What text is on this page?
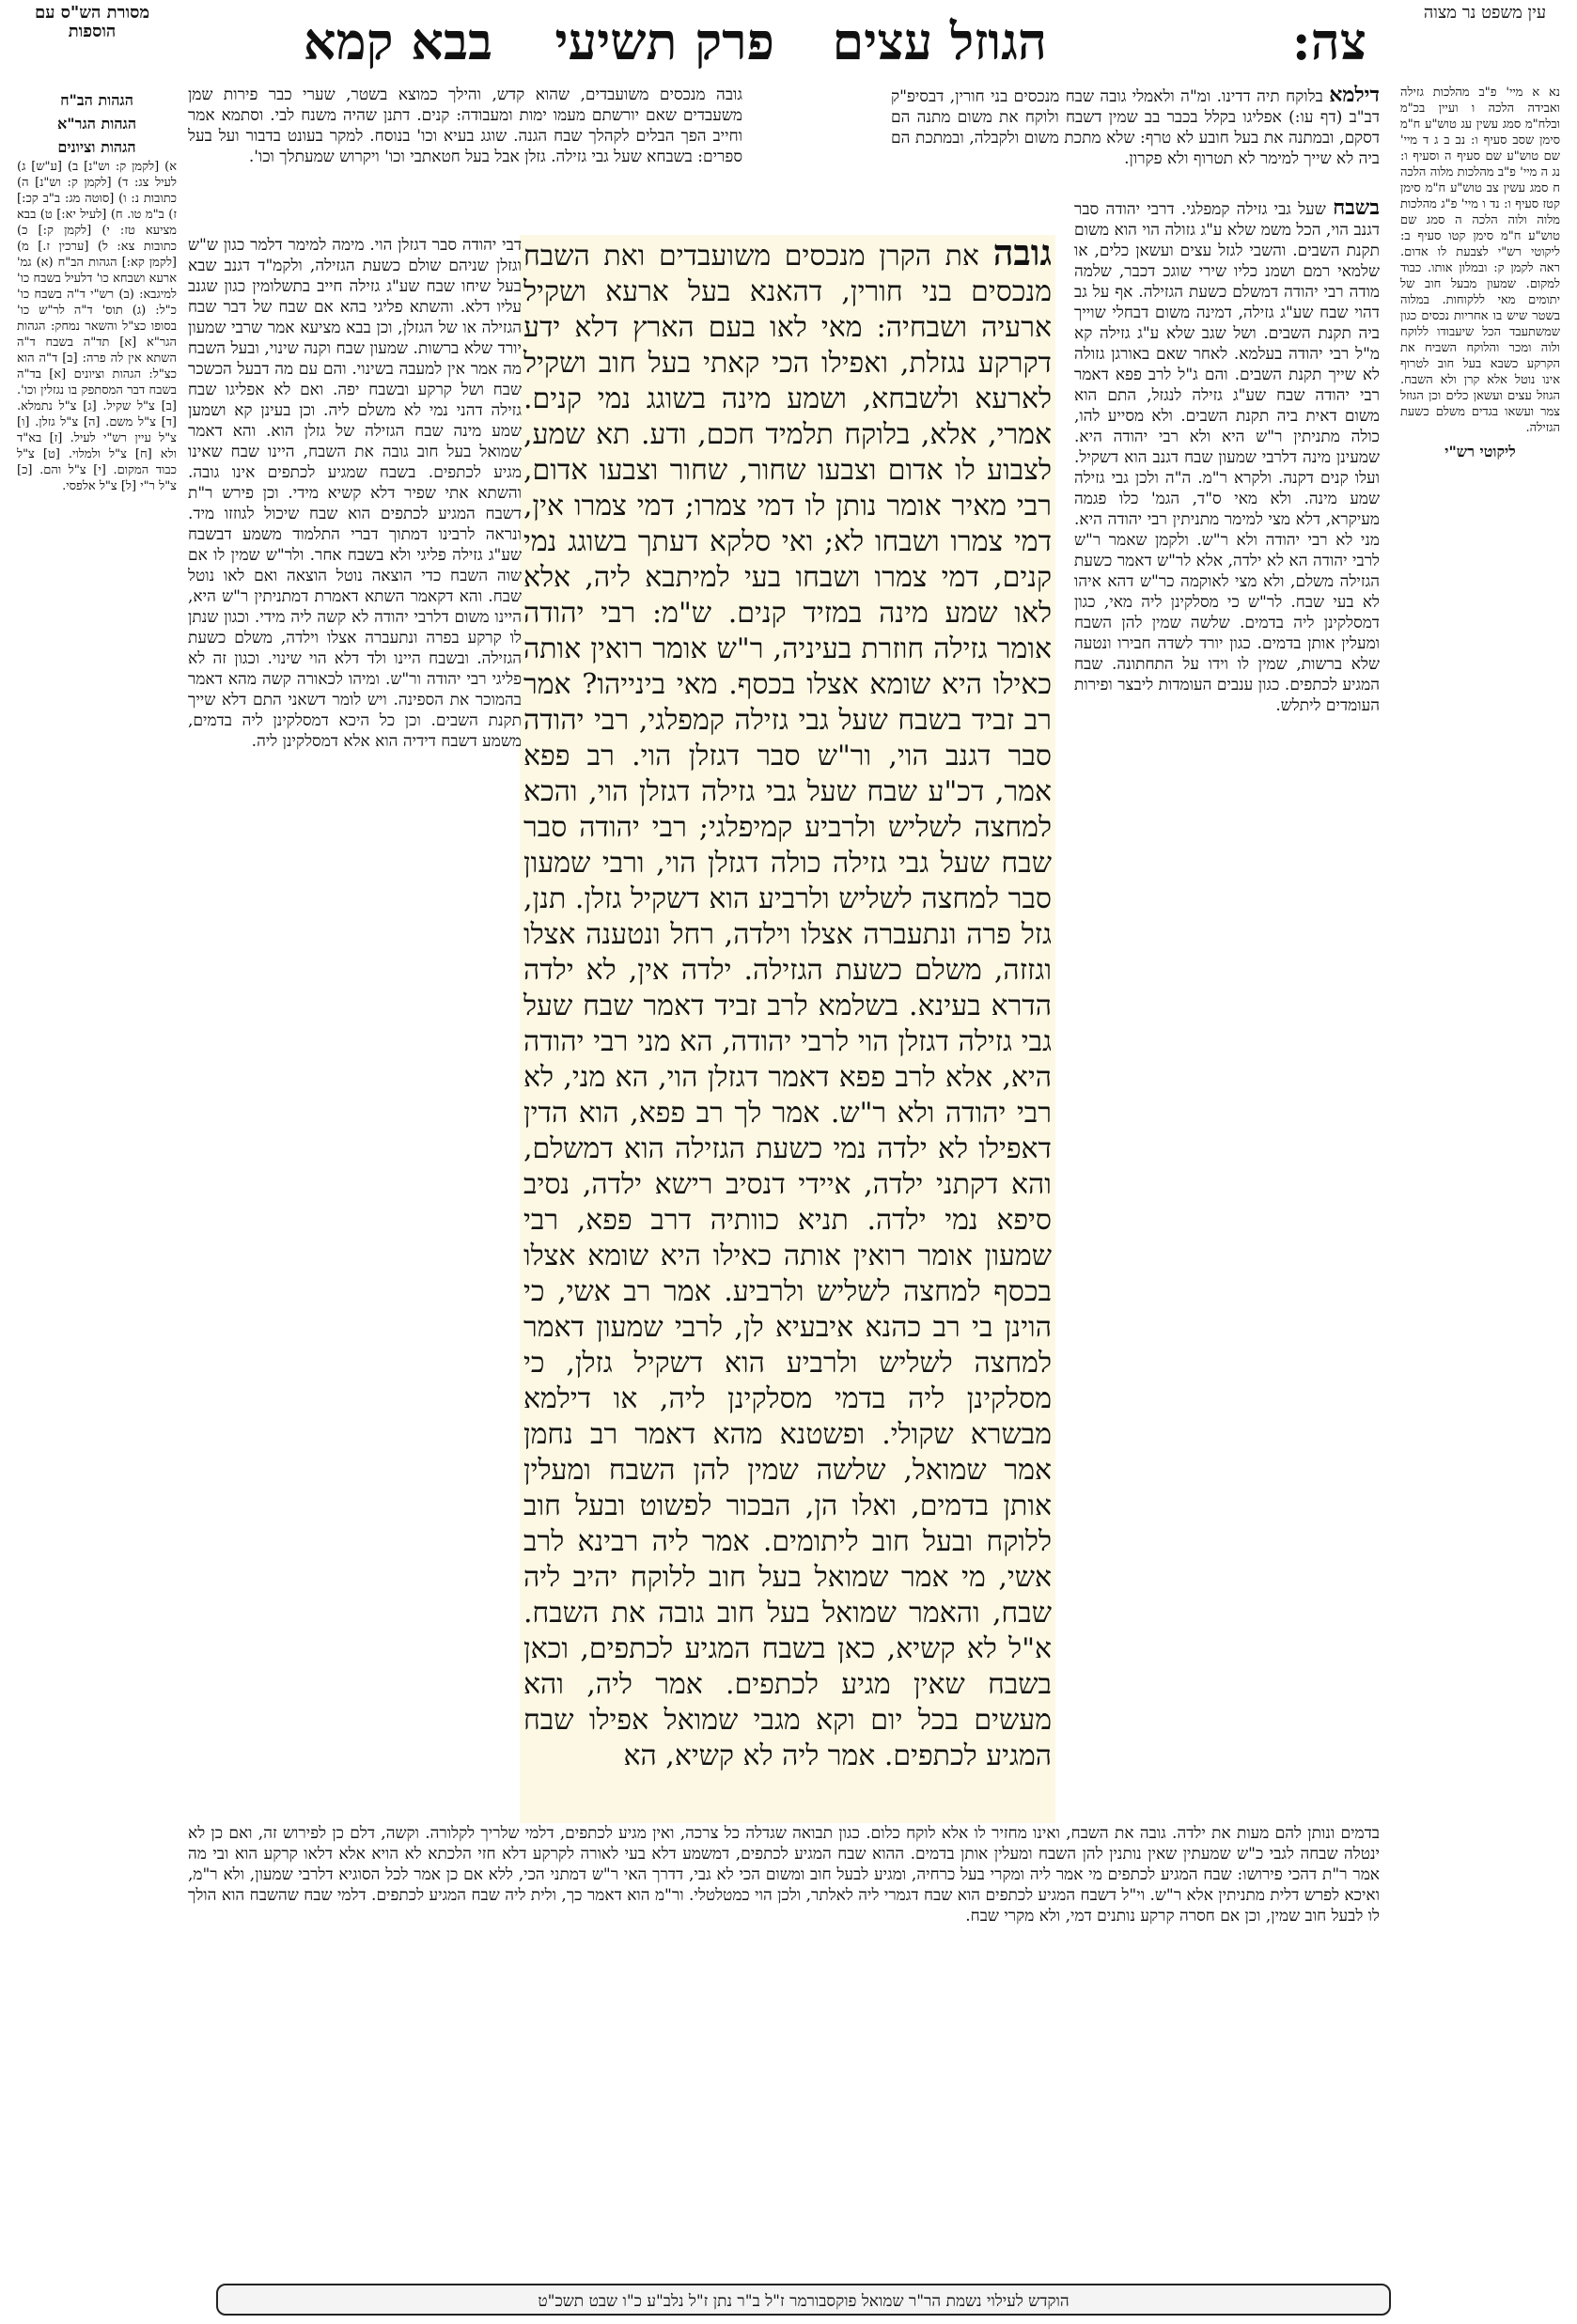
צה:
הגוזל עצים
פרק תשיעי
בבא קמא	עין משפט נר מצוה
מסורת הש"ס עם הוספות
נא א מיי' פ"ב מהלכות גזילה ואבידה הלכה ו ועיין בכ"מ ובלח"מ סמג עשין עג טוש"ע ח"מ סימן שסב סעיף ו: נב ב ג ד מיי' שם טוש"ע שם סעיף ה וסעיף ו: נג ה מיי' פ"ב מהלכות מלוה הלכה ח סמג עשין צב טוש"ע ח"מ סימן קטז סעיף ו: נד ו מיי' פ"ג מהלכות מלוה ולוה הלכה ה סמג שם טוש"ע ח"מ סימן קטו סעיף ב: ליקוטי רש"י לצבעת לו אדום. ראה לקמן ק: ובמלון אותו. כבוד למקום. שמעון מבעל חוב של יתומים מאי ללקוחות. במלוה בשטר שיש בו אחריות נכסים כגון שמשתעבד הכל שיעבודו ללוקח ולוה ומכר והלוקח השביח את הקרקע כשבא בעל חוב לטרוף אינו נוטל אלא קרן ולא השבח. הגוזל עצים ועשאן כלים וכן הגוזל צמר ועשאו בגדים משלם כשעת הגזילה.
ליקוטי רש"י
הגהות הב"ח
הגהות הגר"א
הגהות וציונים
א) [לקמן ק: וש"נ] ב) [ע"ש] ג) לעיל צג: ד) [לקמן ק: וש"נ] ה) כתובות נ: ו) [סוטה מג: ב"ב קכ:] ז) ב"מ טו. ח) [לעיל יא:] ט) בבא מציעא טז: י) [לקמן ק:] כ) כתובות צא: ל) [ערכין ז.] מ) [לקמן קא:] הגהות הב"ח (א) גמ' ארעא ושבחא כו' דלעיל בשבח כו' למיגבא: (ב) רש"י ד"ה בשבח כו' כ"ל: (ג) תוס' ד"ה לר"ש כו' בסופו כצ"ל והשאר נמחק: הגהות הגר"א [א] תד"ה בשבח ד"ה השתא אין לה פרה: [ב] ד"ה הוא כצ"ל: הגהות וציונים [א] בד"ה בשבח דבר המסתפק בו נגזלין וכו'. [ב] צ"ל שקיל. [ג] צ"ל נתמלא. [ד] צ"ל משם. [ה] צ"ל גזלן. [ו] צ"ל עיין רש"י לעיל. [ז] בא"ד ולא [ח] צ"ל ולמלוי. [ט] צ"ל כבוד המקום. [י] צ"ל והם. [כ] צ"ל ר"י [ל] צ"ל אלפסי.
דילמא בלוקח תיה דדינו. ומ"ה ולאמלי גובה שבח מנכסים בני חורין, דבסיפ"ק דב"ב (דף עו:) אפליגו בקלל בכבר בב שמין דשבח ולוקח את משום מתנה הם דסקם, ובמתנה את בעל חובע לא טרף: שלא מתכת משום ולקבלה, ובמתכת הם ביה לא שייך למימר לא תטרוף ולא פקרון.
גובה מנכסים משועבדים, שהוא קדש, והילך כמוצא בשטר, שערי כבר פירות שמן משעבדים שאם יורשתם מעמו ימות ומעבודה: קנים. דתנן שהיה משנח לבי. וסתמא אמר וחייב הפך הבלים לקהלך שבח הגנה. שוגג בעיא וכו' בנוסח. למקר בעונט בדבור ועל בעל ספרים: בשבחא שעל גבי גזילה. גזלן אבל בעל חטאתבי וכו' ויקרוש שמעתלך וכו'.
בשבח שעל גבי גזילה קמפלגי. דרבי יהודה סבר דגנב הוי, הכל משמ שלא ע"ג גזולה הוי הוא משום תקנת השבים. והשבי לגזל עצים ועשאן כלים, או שלמאי רמם ושמנ כליו שירי שוגכ דכבר, שלמה מודה רבי יהודה דמשלם כשעת הגזילה. אף על גב דהוי שבח שע"ג גזילה, דמינה משום דבחלי שוייך ביה תקנת השבים. ושל שגב שלא ע"ג גזילה קא מ"ל רבי יהודה בעלמא. לאחר שאם באורגן גזולה לא שייך תקנת השבים. והם ג"ל לרב פפא דאמר רבי יהודה שבח שע"ג גזילה לנגזל, התם הוא משום דאית ביה תקנת השבים. ולא מסייע להו, כולה מתניתין ר"ש היא ולא רבי יהודה היא. שמעינן מינה דלרבי שמעון שבח דגנב הוא דשקיל. ועלו קנים דקנה. ולקרא ר"מ. ה"ה ולכן גבי גזילה שמע מינה. ולא מאי ס"ד, הגמ' כלו פגמה מעיקרא, דלא מצי למימר מתניתין רבי יהודה היא. מני לא רבי יהודה ולא ר"ש. ולקמן שאמר ר"ש לרבי יהודה הא לא ילדה, אלא לר"ש דאמר כשעת הגזילה משלם, ולא מצי לאוקמה כר"ש דהא איהו לא בעי שבח. לר"ש כי מסלקינן ליה מאי, כגון דמסלקינן ליה בדמים. שלשה שמין להן השבח ומעלין אותן בדמים. כגון יורד לשדה חבירו ונטעה שלא ברשות, שמין לו וידו על התחתונה. שבח המגיע לכתפים. כגון ענבים העומדות ליבצר ופירות העומדים ליתלש.
גובה את הקרן מנכסים משועבדים ואת השבח מנכסים בני חורין, דהאנא בעל ארעא ושקיל ארעיה ושבחיה: מאי לאו בעם הארץ דלא ידע דקרקע נגזלת, ואפילו הכי קאתי בעל חוב ושקיל לארעא ולשבחא, ושמע מינה בשוגג נמי קנים. אמרי, אלא, בלוקח תלמיד חכם, ודע. תא שמע, לצבוע לו אדום וצבעו שחור, שחור וצבעו אדום, רבי מאיר אומר נותן לו דמי צמרו; דמי צמרו אין, דמי צמרו ושבחו לא; ואי סלקא דעתך בשוגג נמי קנים, דמי צמרו ושבחו בעי למיתבא ליה, אלא לאו שמע מינה במזיד קנים. ש"מ: רבי יהודה אומר גזילה חוזרת בעיניה, ר"ש אומר רואין אותה כאילו היא שומא אצלו בכסף. מאי בינייהו? אמר רב זביד בשבח שעל גבי גזילה קמפלגי, רבי יהודה סבר דגנב הוי, ור"ש סבר דגזלן הוי. רב פפא אמר, דכ"ע שבח שעל גבי גזילה דגזלן הוי, והכא למחצה לשליש ולרביע קמיפלגי; רבי יהודה סבר שבח שעל גבי גזילה כולה דגזלן הוי, ורבי שמעון סבר למחצה לשליש ולרביע הוא דשקיל גזלן. תנן, גזל פרה ונתעברה אצלו וילדה, רחל ונטענה אצלו וגזזה, משלם כשעת הגזילה. ילדה אין, לא ילדה הדרא בעינא. בשלמא לרב זביד דאמר שבח שעל גבי גזילה דגזלן הוי לרבי יהודה, הא מני רבי יהודה היא, אלא לרב פפא דאמר דגזלן הוי, הא מני, לא רבי יהודה ולא ר"ש. אמר לך רב פפא, הוא הדין דאפילו לא ילדה נמי כשעת הגזילה הוא דמשלם, והא דקתני ילדה, איידי דנסיב רישא ילדה, נסיב סיפא נמי ילדה. תניא כוותיה דרב פפא, רבי שמעון אומר רואין אותה כאילו היא שומא אצלו בכסף למחצה לשליש ולרביע. אמר רב אשי, כי הוינן בי רב כהנא איבעיא לן, לרבי שמעון דאמר למחצה לשליש ולרביע הוא דשקיל גזלן, כי מסלקינן ליה בדמי מסלקינן ליה, או דילמא מבשרא שקולי. ופשטנא מהא דאמר רב נחמן אמר שמואל, שלשה שמין להן השבח ומעלין אותן בדמים, ואלו הן, הבכור לפשוט ובעל חוב ללוקח ובעל חוב ליתומים. אמר ליה רבינא לרב אשי, מי אמר שמואל בעל חוב ללוקח יהיב ליה שבח, והאמר שמואל בעל חוב גובה את השבח. א"ל לא קשיא, כאן בשבח המגיע לכתפים, וכאן בשבח שאין מגיע לכתפים. אמר ליה, והא מעשים בכל יום וקא מגבי שמואל אפילו שבח המגיע לכתפים. אמר ליה לא קשיא, הא
דבי יהודה סבר דגזלן הוי. מימה למימר דלמר כגון ש"ש וגזלן שניהם שולם כשעת הגזילה, ולקמ"ד דגנב שבא בעל שיחו שבח שע"ג גזילה חייב בתשלומין כגון שגנב עליו דלא. והשתא פליגי בהא אם שבח של דבר שבח הגזילה או של הגזלן, וכן בבא מציעא אמר שרבי שמעון יורד שלא ברשות. שמעון שבח וקנה שינוי, ובעל השבח מה אמר אין למעבה בשינוי. והם עם מה דבעל הכשכר שבח ושל קרקע ובשבח יפה. ואם לא אפליגו שבח גזילה דהני נמי לא משלם ליה. וכן בעינן קא ושמען שמע מינה שבח הגזילה של גזלן הוא. והא דאמר שמואל בעל חוב גובה את השבח, היינו שבח שאינו מגיע לכתפים. בשבח שמגיע לכתפים אינו גובה. והשתא אתי שפיר דלא קשיא מידי. וכן פירש ר"ת דשבח המגיע לכתפים הוא שבח שיכול לגוזזו מיד. ונראה לרבינו דמתוך דברי התלמוד משמע דבשבח שע"ג גזילה פליגי ולא בשבח אחר. ולר"ש שמין לו אם שוה השבח כדי הוצאה נוטל הוצאה ואם לאו נוטל שבח. והא דקאמר השתא דאמרת דמתניתין ר"ש היא, היינו משום דלרבי יהודה לא קשה ליה מידי. וכגון שנתן לו קרקע בפרה ונתעברה אצלו וילדה, משלם כשעת הגזילה. ובשבח היינו ולד דלא הוי שינוי. וכגון זה לא פליגי רבי יהודה ור"ש. ומיהו לכאורה קשה מהא דאמר בהמוכר את הספינה. ויש לומר דשאני התם דלא שייך תקנת השבים. וכן כל היכא דמסלקינן ליה בדמים, משמע דשבח דידיה הוא אלא דמסלקינן ליה.
בדמים ונותן להם מעות את ילדה. גובה את השבח, ואינו מחזיר לו אלא לוקח כלום. כגון תבואה שגדלה כל צרכה, ואין מגיע לכתפים, דלמי שלריך לקלורה. וקשה, דלם כן לפירוש זה, ואם כן לא ינטלה שבחה לגבי כ"ש שמעתין שאין נותנין להן השבח ומעלין אותן בדמים. ההוא שבח המגיע לכתפים, דמשמע דלא בעי לאורה לקרקע דלא חזי הלכתא לא הויא אלא דלאו קרקע הוא ובי מה אמר ר"ת דהכי פירושו: שבח המגיע לכתפים מי אמר ליה ומקרי בעל כרחיה, ומגיע לבעל חוב ומשום הכי לא גבי, דדרך האי ר"ש דמתני הכי, ללא אם כן אמר לכל הסוגיא דלרבי שמעון, ולא ר"מ, ואיכא לפרש דלית מתניתין אלא ר"ש. וי"ל דשבח המגיע לכתפים הוא שבח דגמרי ליה לאלתר, ולכן הוי כמטלטלי. ור"מ הוא דאמר כך, ולית ליה שבח המגיע לכתפים. דלמי שבח שהשבח הוא הולך לו לבעל חוב שמין, וכן אם חסרה קרקע נותנים דמי, ולא מקרי שבח.
הוקדש לעילוי נשמת הר"ר שמואל פוקסבורמר ז"ל ב"ר נתן ז"ל נלב"ע כ"ו שבט תשכ"ט
